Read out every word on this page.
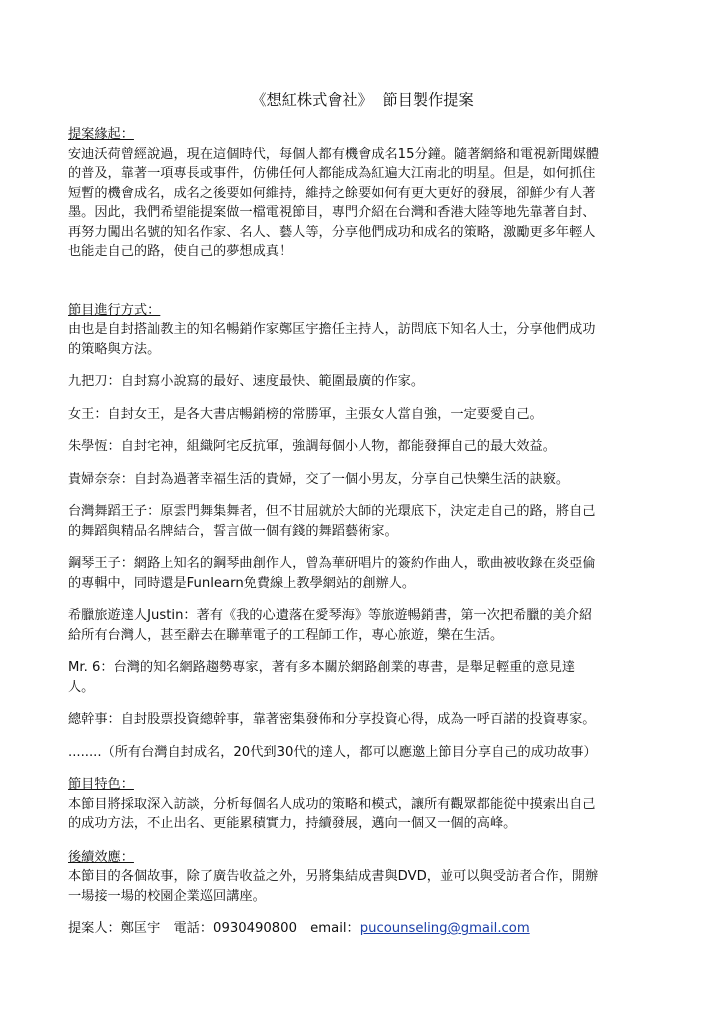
《想紅株式會社》  節目製作提案
提案緣起：
安迪沃荷曾經說過，現在這個時代，每個人都有機會成名15分鐘。隨著網絡和電視新聞媒體
的普及，靠著一項專長或事件，仿佛任何人都能成為紅遍大江南北的明星。但是，如何抓住
短暫的機會成名，成名之後要如何維持，維持之餘要如何有更大更好的發展，卻鮮少有人著
墨。因此，我們希望能提案做一檔電視節目，專門介紹在台灣和香港大陸等地先靠著自封、
再努力闖出名號的知名作家、名人、藝人等，分享他們成功和成名的策略，激勵更多年輕人
也能走自己的路，使自己的夢想成真！
節目進行方式：
由也是自封搭訕教主的知名暢銷作家鄭匡宇擔任主持人，訪問底下知名人士，分享他們成功
的策略與方法。
九把刀：自封寫小說寫的最好、速度最快、範圍最廣的作家。
女王：自封女王，是各大書店暢銷榜的常勝軍，主張女人當自強，一定要愛自己。
朱學恆：自封宅神，組織阿宅反抗軍，強調每個小人物，都能發揮自己的最大效益。
貴婦奈奈：自封為過著幸福生活的貴婦，交了一個小男友，分享自己快樂生活的訣竅。
台灣舞蹈王子：原雲門舞集舞者，但不甘屈就於大師的光環底下，決定走自己的路，將自己
的舞蹈與精品名牌結合，誓言做一個有錢的舞蹈藝術家。
鋼琴王子：網路上知名的鋼琴曲創作人，曾為華研唱片的簽約作曲人，歌曲被收錄在炎亞倫
的專輯中，同時還是Funlearn免費線上教學網站的創辦人。
希臘旅遊達人Justin：著有《我的心遺落在愛琴海》等旅遊暢銷書，第一次把希臘的美介紹
給所有台灣人，甚至辭去在聯華電子的工程師工作，專心旅遊，樂在生活。
Mr. 6：台灣的知名網路趨勢專家，著有多本關於網路創業的專書，是舉足輕重的意見達
人。
總幹事：自封股票投資總幹事，靠著密集發佈和分享投資心得，成為一呼百諾的投資專家。
........（所有台灣自封成名，20代到30代的達人，都可以應邀上節目分享自己的成功故事）
節目特色：
本節目將採取深入訪談，分析每個名人成功的策略和模式，讓所有觀眾都能從中摸索出自己
的成功方法，不止出名、更能累積實力，持續發展，邁向一個又一個的高峰。
後續效應：
本節目的各個故事，除了廣告收益之外，另將集結成書與DVD，並可以與受訪者合作，開辦
一場接一場的校園企業巡回講座。
提案人：鄭匡宇　電話：0930490800　email：pucounseling@gmail.com
